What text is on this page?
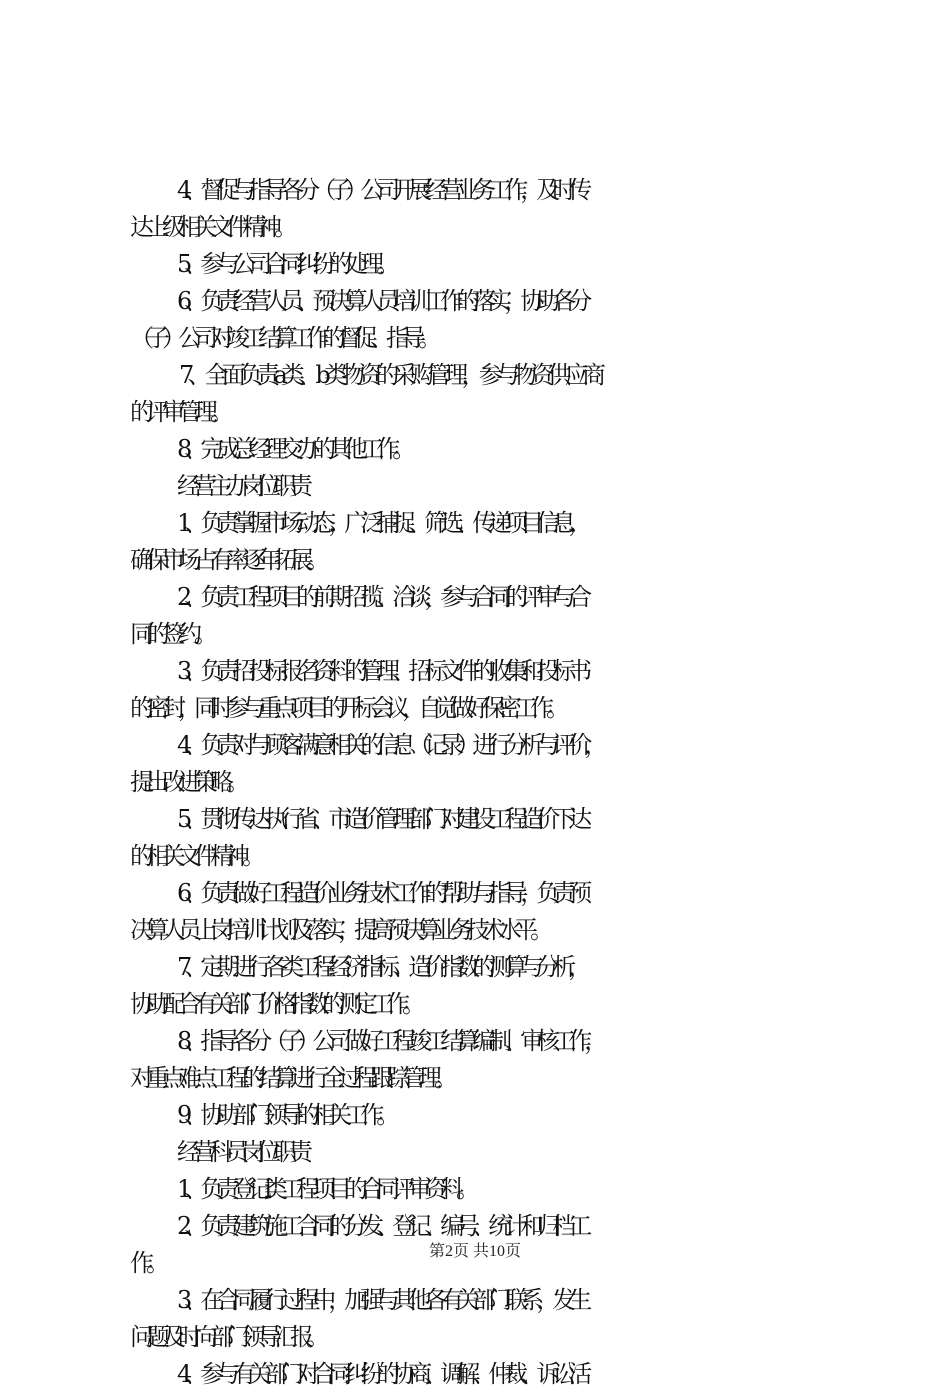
4、督促与指导各分（子）公司开展经营业务工作，及时传
达上级相关文件精神。
5、参与公司合同纠纷的处理。
6、负责经营人员、预决算人员培训工作的落实，协助各分
（子）公司对竣工结算工作的督促、指导。
7、全面负责a类、b类物资的采购管理，参与物资供应商
的评审管理。
8、完成总经理交办的其他工作。
经营主办岗位职责
1、负责掌握市场动态，广泛捕捉、筛选、传递项目信息，
确保市场占有率逐年拓展。
2、负责工程项目的前期招揽、洽谈，参与合同的评审与合
同的签约。
3、负责招投标报名资料的管理、招标文件的收集和投标书
的密封，同时参与重点项目的开标会议，自觉做好保密工作。
4、负责对与顾客满意相关的信息（记录）进行分析与评价，
提出改进策略。
5、贯彻传达执行省、市造价管理部门对建设工程造价下达
的相关文件精神。
6、负责做好工程造价业务技术工作的帮助与指导，负责预
决算人员上岗培训计划及落实，提高预决算业务技术水平。
7、定期进行各类工程经济指标、造价指数的测算与分析，
协助配合有关部门价格指数的测定工作。
8、指导各分（子）公司做好工程竣工结算编制、审核工作，
对重点难点工程的结算进行全过程跟踪管理。
9、协助部门领导的相关工作。
经营科员岗位职责
1、负责登记i类工程项目的合同评审资料。
2、负责建筑施工合同的分发、登记、编号、统计和归档工
作。
3、在合同履行过程中，加强与其他各有关部门联系，发生
问题及时向部门领导汇报。
4、参与有关部门对合同纠纷的协商、调解、仲裁、诉讼活
第2页 共10页
